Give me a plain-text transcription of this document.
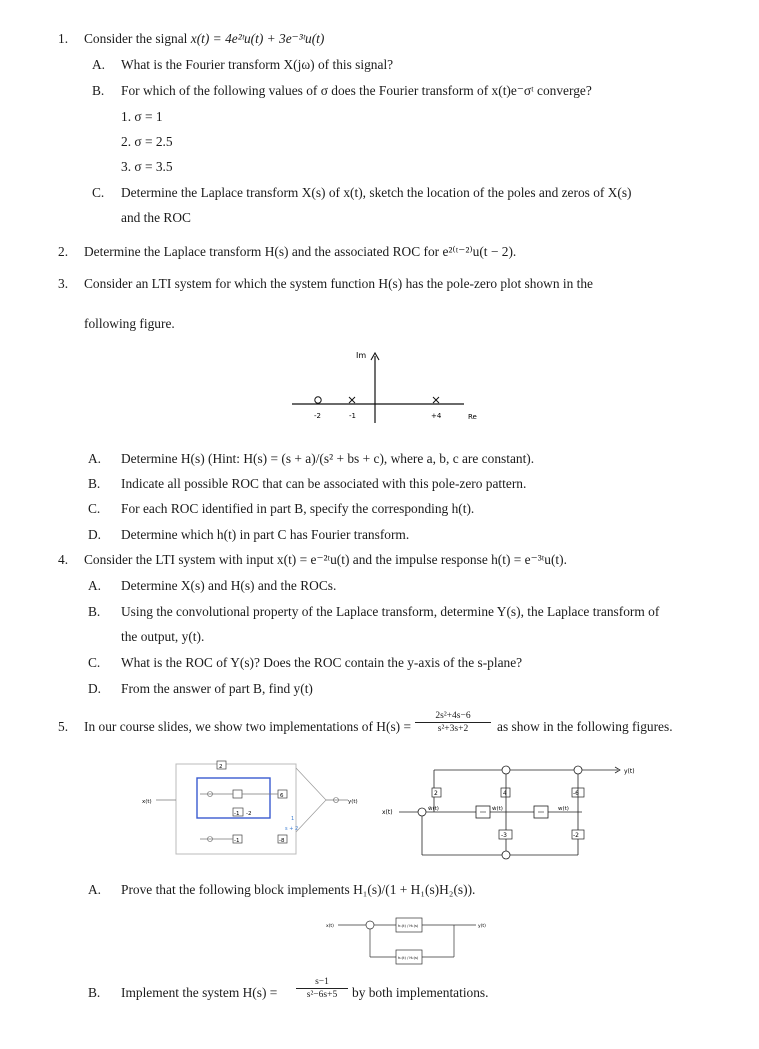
1. Consider the signal x(t) = 4e²ᵗu(t) + 3e⁻³ᵗu(t)
A. What is the Fourier transform X(jω) of this signal?
B. For which of the following values of σ does the Fourier transform of x(t)e⁻σᵗ converge?
1. σ = 1
2. σ = 2.5
3. σ = 3.5
C. Determine the Laplace transform X(s) of x(t), sketch the location of the poles and zeros of X(s)
and the ROC
2. Determine the Laplace transform H(s) and the associated ROC for e²⁽ᵗ⁻²⁾u(t − 2).
3. Consider an LTI system for which the system function H(s) has the pole-zero plot shown in the
following figure.
Im
-2	-1	+4	Re
A. Determine H(s) (Hint: H(s) = (s + a)/(s² + bs + c), where a, b, c are constant).
B. Indicate all possible ROC that can be associated with this pole-zero pattern.
C. For each ROC identified in part B, specify the corresponding h(t).
D. Determine which h(t) in part C has Fourier transform.
4. Consider the LTI system with input x(t) = e⁻²ᵗu(t) and the impulse response h(t) = e⁻³ᵗu(t).
A. Determine X(s) and H(s) and the ROCs.
B. Using the convolutional property of the Laplace transform, determine Y(s), the Laplace transform of
the output, y(t).
C. What is the ROC of Y(s)? Does the ROC contain the y-axis of the s-plane?
D. From the answer of part B, find y(t)
5. In our course slides, we show two implementations of $H(s) = \frac{\text{2s²+4s−6}}{\text{s²+3s+2}}$ as show in the following figures.
x(t)
2
6
-1
1
s + 2
-1	-8
-2
y(t)
x(t)	ẅ(t)	ẇ(t)	w(t)
y(t)
2	4	-6
-3	-2
A. Prove that the following block implements H₁(s)/(1 + H₁(s)H₂(s)).
x(t)	h₁(t) / H₁(s)	y(t)
h₂(t) / H₂(s)
B. Implement the system $H(s) = \frac{s-1}{\text{s²−6s+5}}$ by both implementations.
